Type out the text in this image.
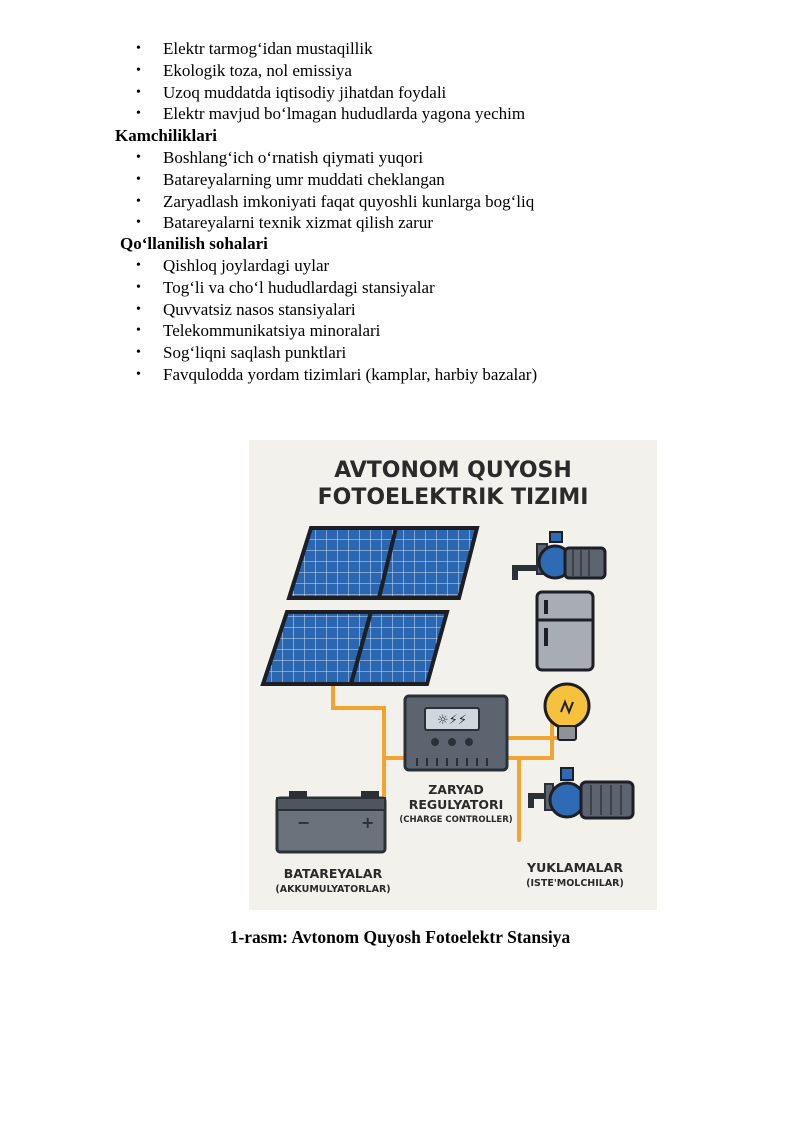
• Elektr tarmog‘idan mustaqillik
• Ekologik toza, nol emissiya
• Uzoq muddatda iqtisodiy jihatdan foydali
• Elektr mavjud bo‘lmagan hududlarda yagona yechim
Kamchiliklari
• Boshlang‘ich o‘rnatish qiymati yuqori
• Batareyalarning umr muddati cheklangan
• Zaryadlash imkoniyati faqat quyoshli kunlarga bog‘liq
• Batareyalarni texnik xizmat qilish zarur
Qo‘llanilish sohalari
• Qishloq joylardagi uylar
• Tog‘li va cho‘l hududlardagi stansiyalar
• Quvvatsiz nasos stansiyalari
• Telekommunikatsiya minoralari
• Sog‘liqni saqlash punktlari
• Favqulodda yordam tizimlari (kamplar, harbiy bazalar)
AVTONOM QUYOSH
FOTOELEKTRIK TIZIMI
☼⚡⚡
ZARYAD
REGULYATORI
(CHARGE CONTROLLER)
−	+
BATAREYALAR
(AKKUMULYATORLAR)
YUKLAMALAR
(ISTE'MOLCHILAR)
1-rasm: Avtonom Quyosh Fotoelektr Stansiya
